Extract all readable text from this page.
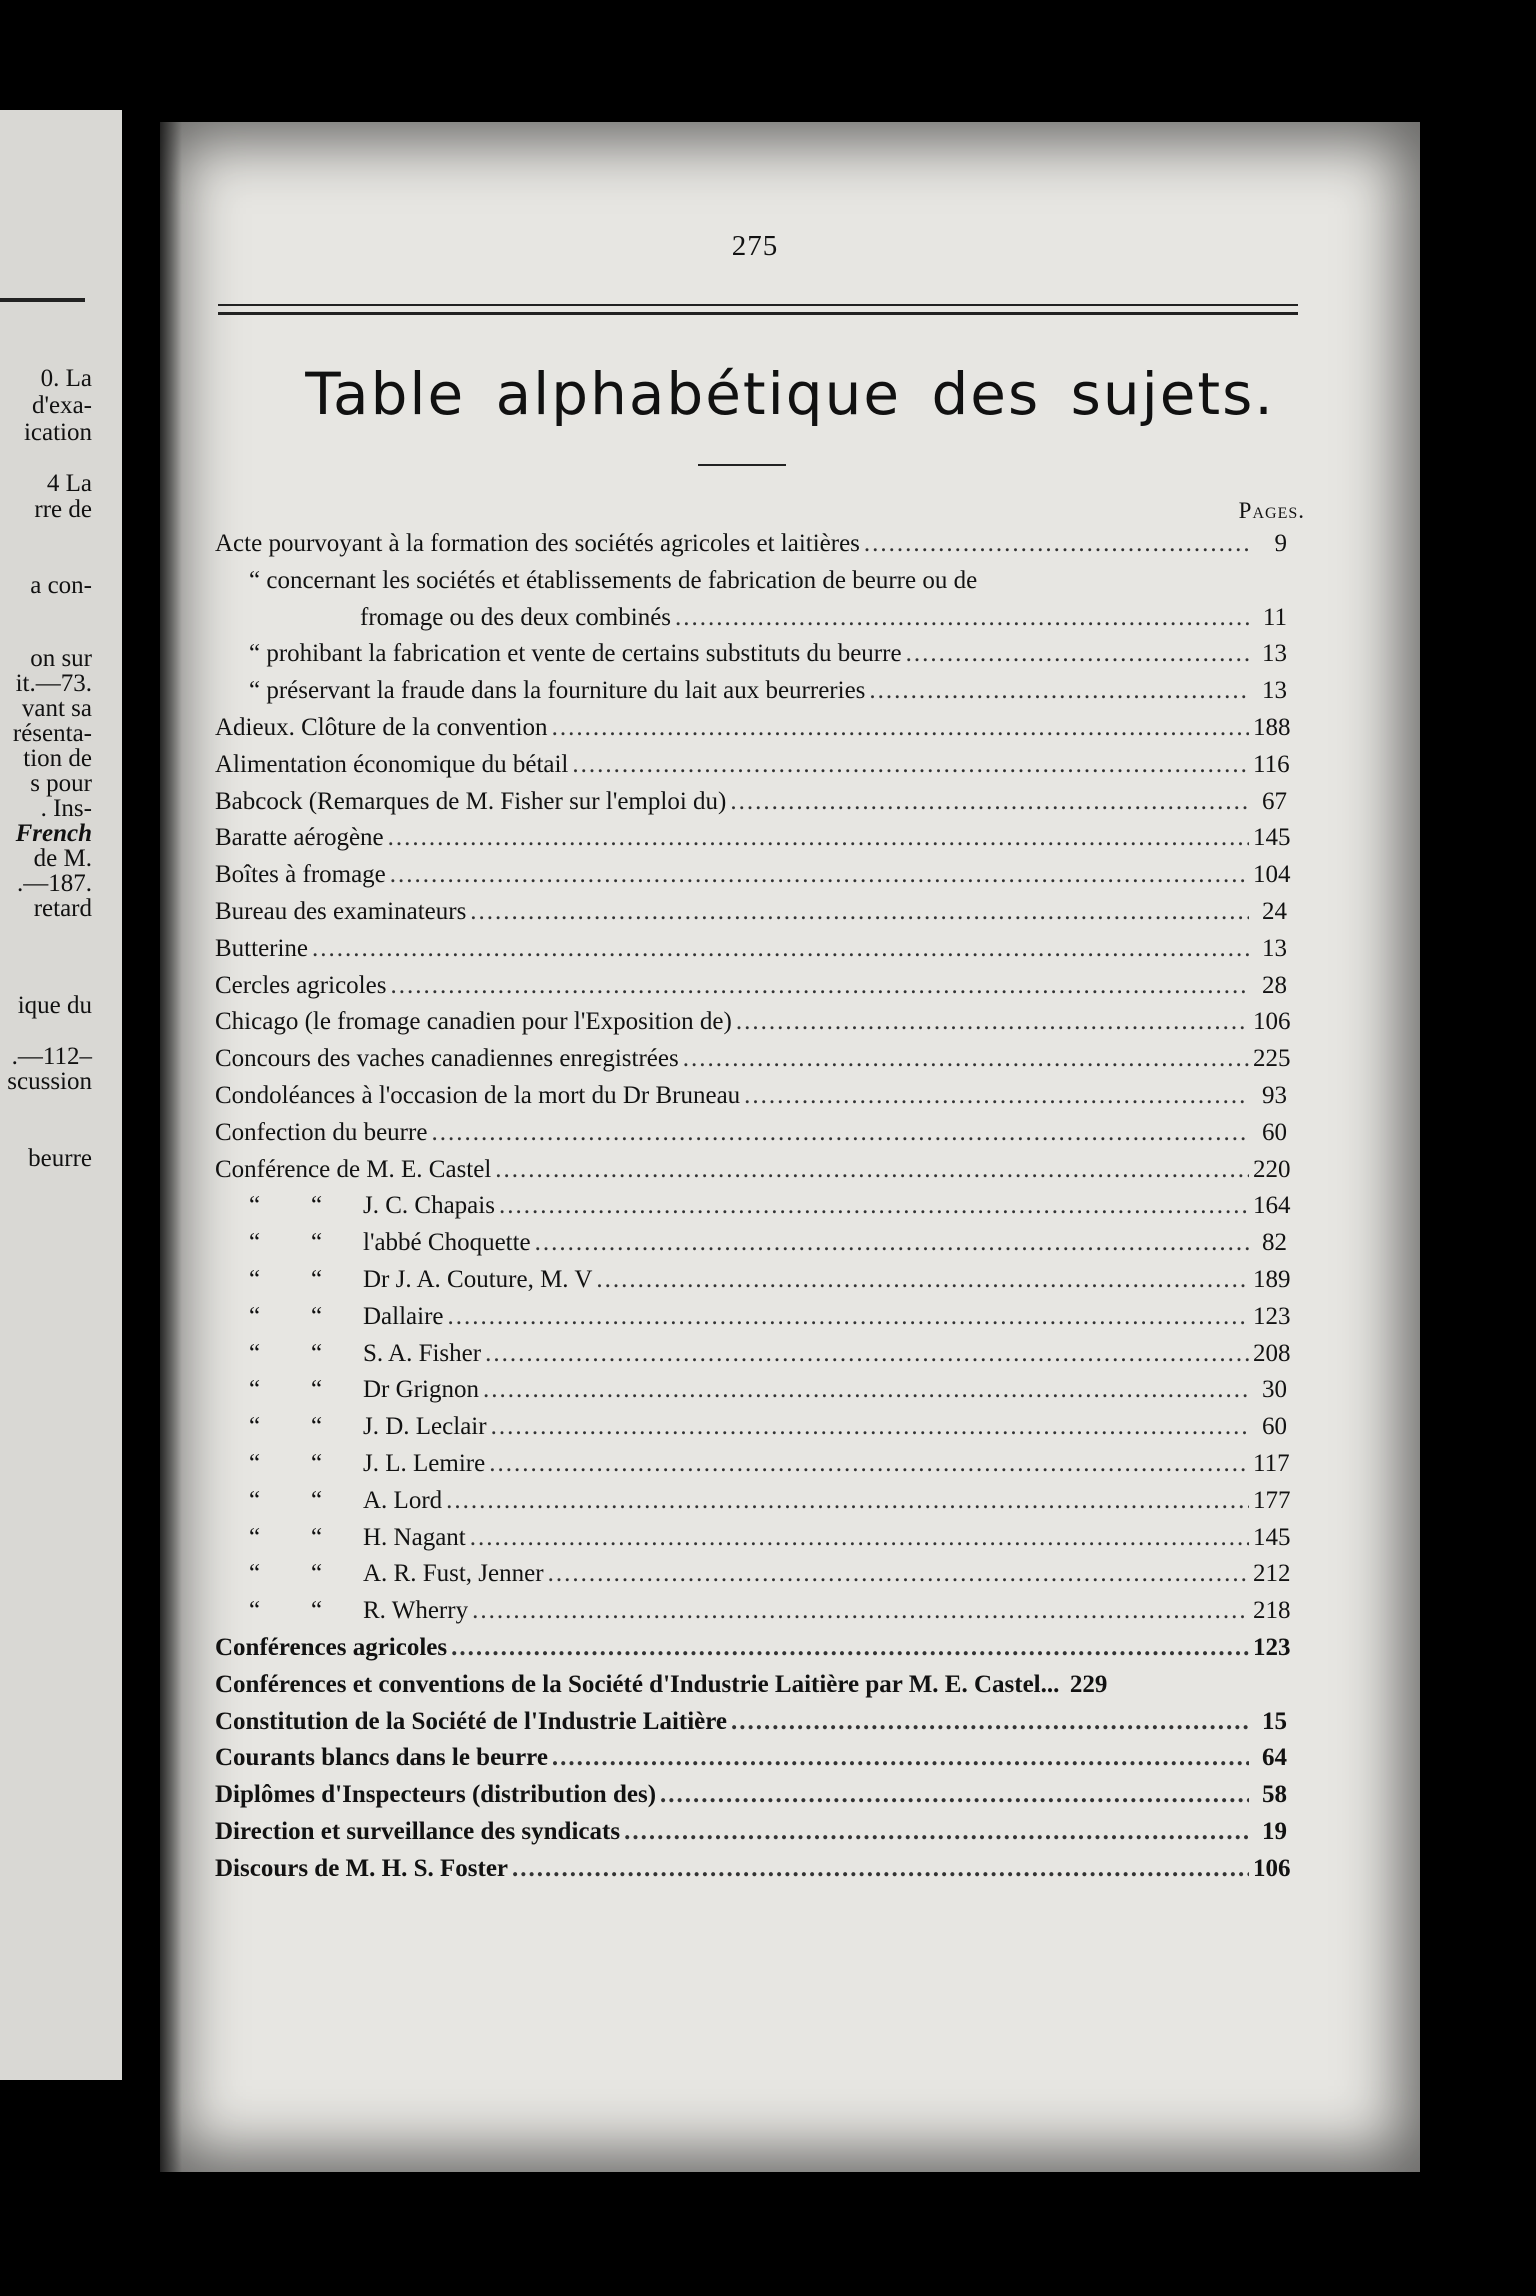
0. La
d'exa-
ication
4 La
rre de
a con-
on sur
it.—73.
vant sa
résenta-
tion de
s pour
. Ins-
French
de M.
.—187.
retard
ique du
.—112–
scussion
beurre
275
Table alphabétique des sujets.
Pages.
Acte pourvoyant à la formation des sociétés agricoles et laitières .....	9
“ concernant les sociétés et établissements de fabrication de beurre ou de
fromage ou des deux combinés .....	11
“ prohibant la fabrication et vente de certains substituts du beurre .....	13
“ préservant la fraude dans la fourniture du lait aux beurreries .....	13
Adieux. Clôture de la convention .....	188
Alimentation économique du bétail .....	116
Babcock (Remarques de M. Fisher sur l'emploi du) .....	67
Baratte aérogène .....	145
Boîtes à fromage .....	104
Bureau des examinateurs .....	24
Butterine .....	13
Cercles agricoles .....	28
Chicago (le fromage canadien pour l'Exposition de) .....	106
Concours des vaches canadiennes enregistrées .....	225
Condoléances à l'occasion de la mort du Dr Bruneau .....	93
Confection du beurre .....	60
Conférence de M. E. Castel .....	220
“ “ J. C. Chapais .....	164
“ “ l'abbé Choquette .....	82
“ “ Dr J. A. Couture, M. V .....	189
“ “ Dallaire .....	123
“ “ S. A. Fisher .....	208
“ “ Dr Grignon .....	30
“ “ J. D. Leclair .....	60
“ “ J. L. Lemire .....	117
“ “ A. Lord .....	177
“ “ H. Nagant .....	145
“ “ A. R. Fust, Jenner .....	212
“ “ R. Wherry .....	218
Conférences agricoles .....	123
Conférences et conventions de la Société d'Industrie Laitière par M. E. Castel... 229
Constitution de la Société de l'Industrie Laitière .....	15
Courants blancs dans le beurre .....	64
Diplômes d'Inspecteurs (distribution des) .....	58
Direction et surveillance des syndicats .....	19
Discours de M. H. S. Foster .....	106
